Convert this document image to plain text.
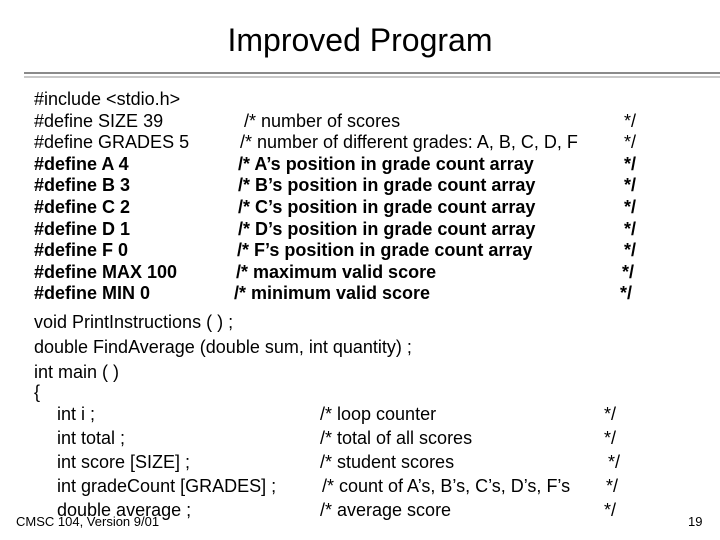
Improved Program
#include <stdio.h>
#define SIZE 39	/* number of scores	*/
#define GRADES 5	/* number of different grades: A, B, C, D, F	*/
#define A 4	/* A’s position in grade count array	*/
#define B 3	/* B’s position in grade count array	*/
#define C 2	/* C’s position in grade count array	*/
#define D 1	/* D’s position in grade count array	*/
#define F 0	/* F’s position in grade count array	*/
#define MAX 100	/* maximum valid score	*/
#define MIN 0	/* minimum valid score	*/
void PrintInstructions ( ) ;
double FindAverage (double sum, int quantity) ;
int main ( )
{
int i ;	/* loop counter	*/
int total ;	/* total of all scores	*/
int score [SIZE] ;	/* student scores	*/
int gradeCount [GRADES] ;	/* count of A’s, B’s, C’s, D’s, F’s */
double average ;	/* average score	*/
CMSC 104, Version 9/01	19
